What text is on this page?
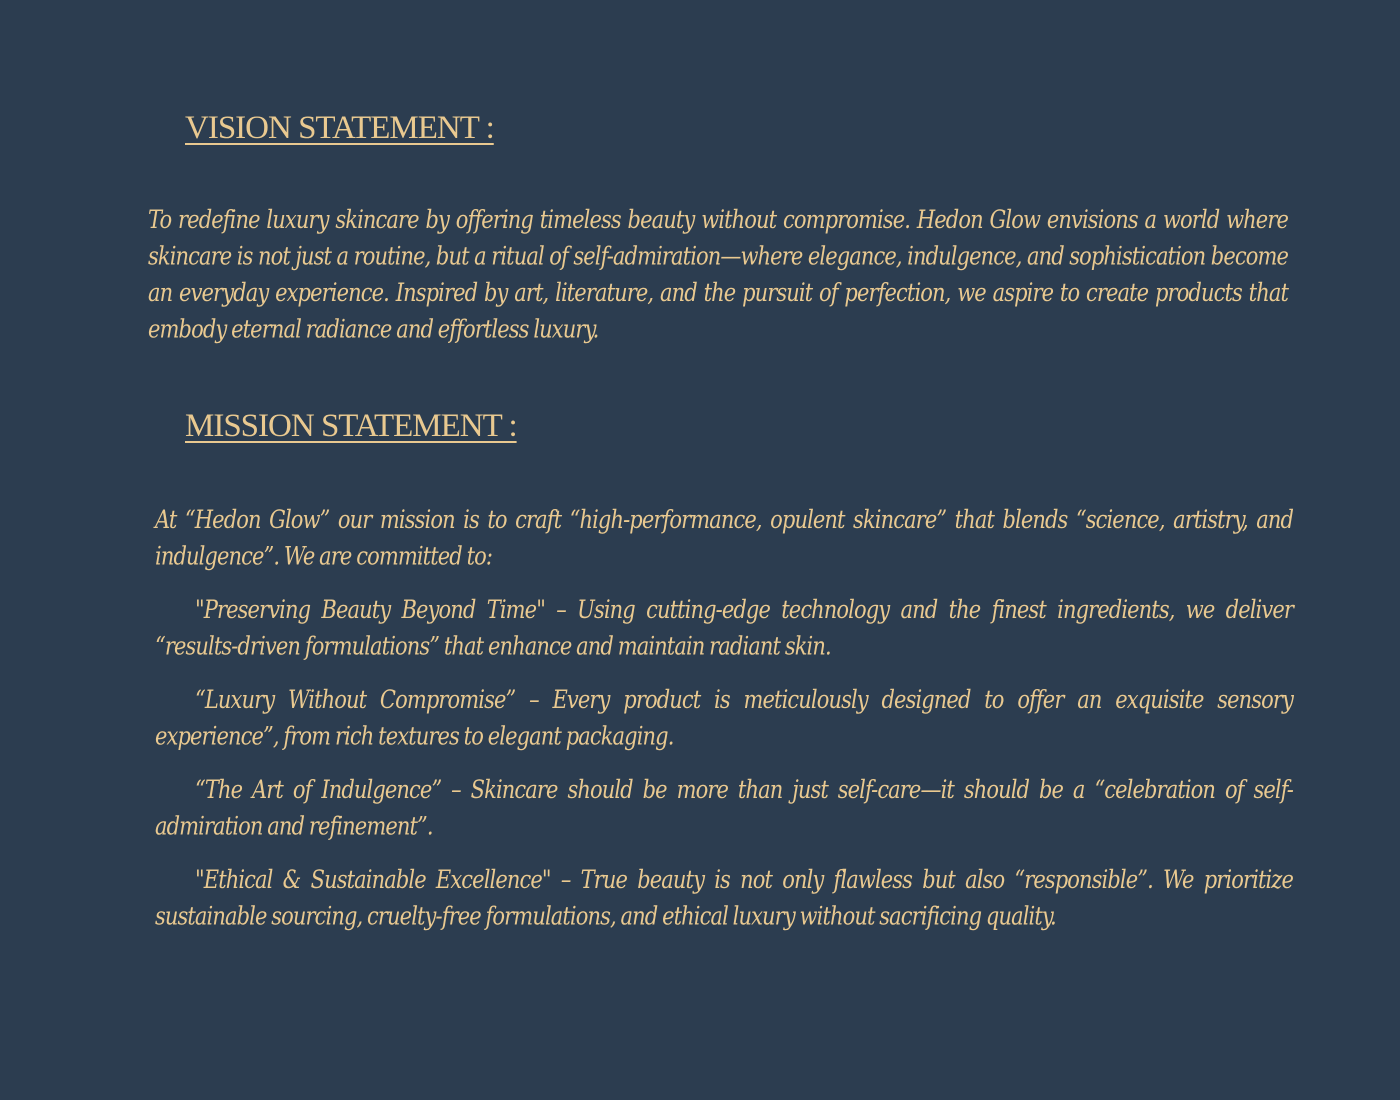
VISION STATEMENT :

To redefine luxury skincare by offering timeless beauty without compromise. Hedon Glow envisions a world where skincare is not just a routine, but a ritual of self-admiration—where elegance, indulgence, and sophistication become an everyday experience. Inspired by art, literature, and the pursuit of perfection, we aspire to create products that embody eternal radiance and effortless luxury.

MISSION STATEMENT :

At “Hedon Glow” our mission is to craft “high-performance, opulent skincare” that blends “science, artistry, and indulgence”. We are committed to:

"Preserving Beauty Beyond Time" – Using cutting-edge technology and the finest ingredients, we deliver “results-driven formulations” that enhance and maintain radiant skin.

“Luxury Without Compromise” – Every product is meticulously designed to offer an exquisite sensory experience”, from rich textures to elegant packaging.

“The Art of Indulgence” – Skincare should be more than just self-care—it should be a “celebration of self-admiration and refinement”.

"Ethical & Sustainable Excellence" – True beauty is not only flawless but also “responsible”. We prioritize sustainable sourcing, cruelty-free formulations, and ethical luxury without sacrificing quality.
